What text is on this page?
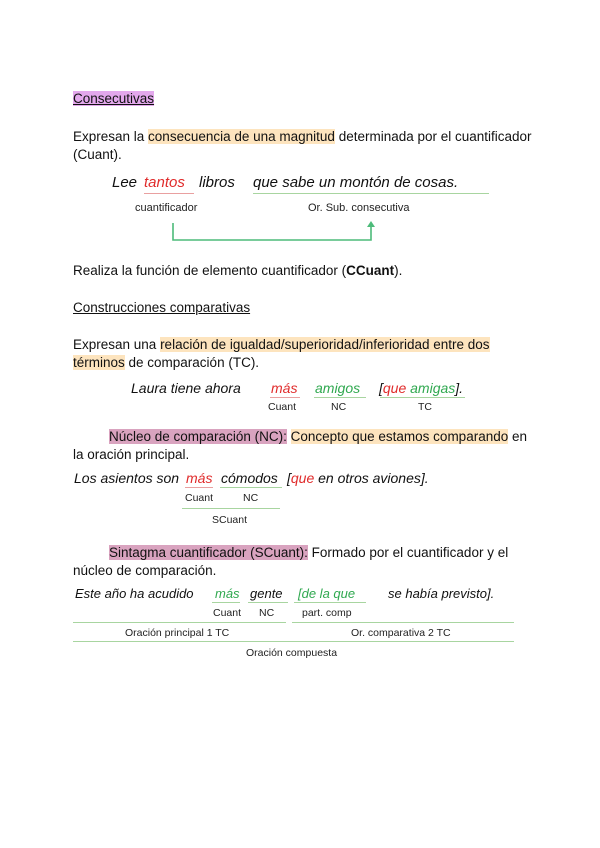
Consecutivas

Expresan la consecuencia de una magnitud determinada por el cuantificador (Cuant).

Lee tantos libros que sabe un montón de cosas.
cuantificador	Or. Sub. consecutiva

Realiza la función de elemento cuantificador (CCuant).

Construcciones comparativas

Expresan una relación de igualdad/superioridad/inferioridad entre dos términos de comparación (TC).

Laura tiene ahora más amigos [que amigas].
Cuant	NC	TC

Núcleo de comparación (NC): Concepto que estamos comparando en la oración principal.

Los asientos son más cómodos [que en otros aviones].
Cuant	NC
SCuant

Sintagma cuantificador (SCuant): Formado por el cuantificador y el núcleo de comparación.

Este año ha acudido más gente [de la que	se había previsto].
Cuant NC	part. comp
Oración principal 1 TC	Or. comparativa 2 TC
Oración compuesta
